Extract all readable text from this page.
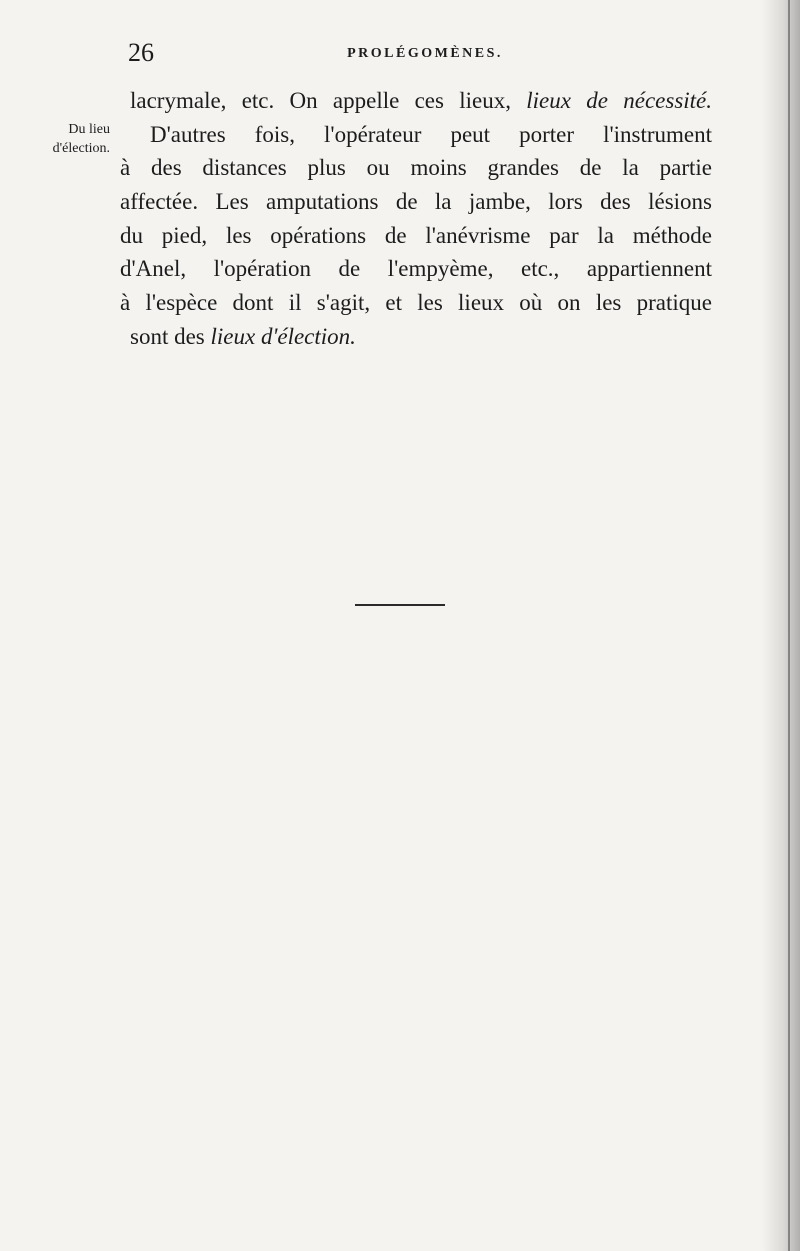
26	PROLÉGOMÈNES.
Du lieu
d'élection.
lacrymale, etc. On appelle ces lieux, lieux de nécessité.
D'autres fois, l'opérateur peut porter l'instrument
à des distances plus ou moins grandes de la partie
affectée. Les amputations de la jambe, lors des lésions
du pied, les opérations de l'anévrisme par la méthode
d'Anel, l'opération de l'empyème, etc., appartiennent
à l'espèce dont il s'agit, et les lieux où on les pratique
sont des lieux d'élection.
